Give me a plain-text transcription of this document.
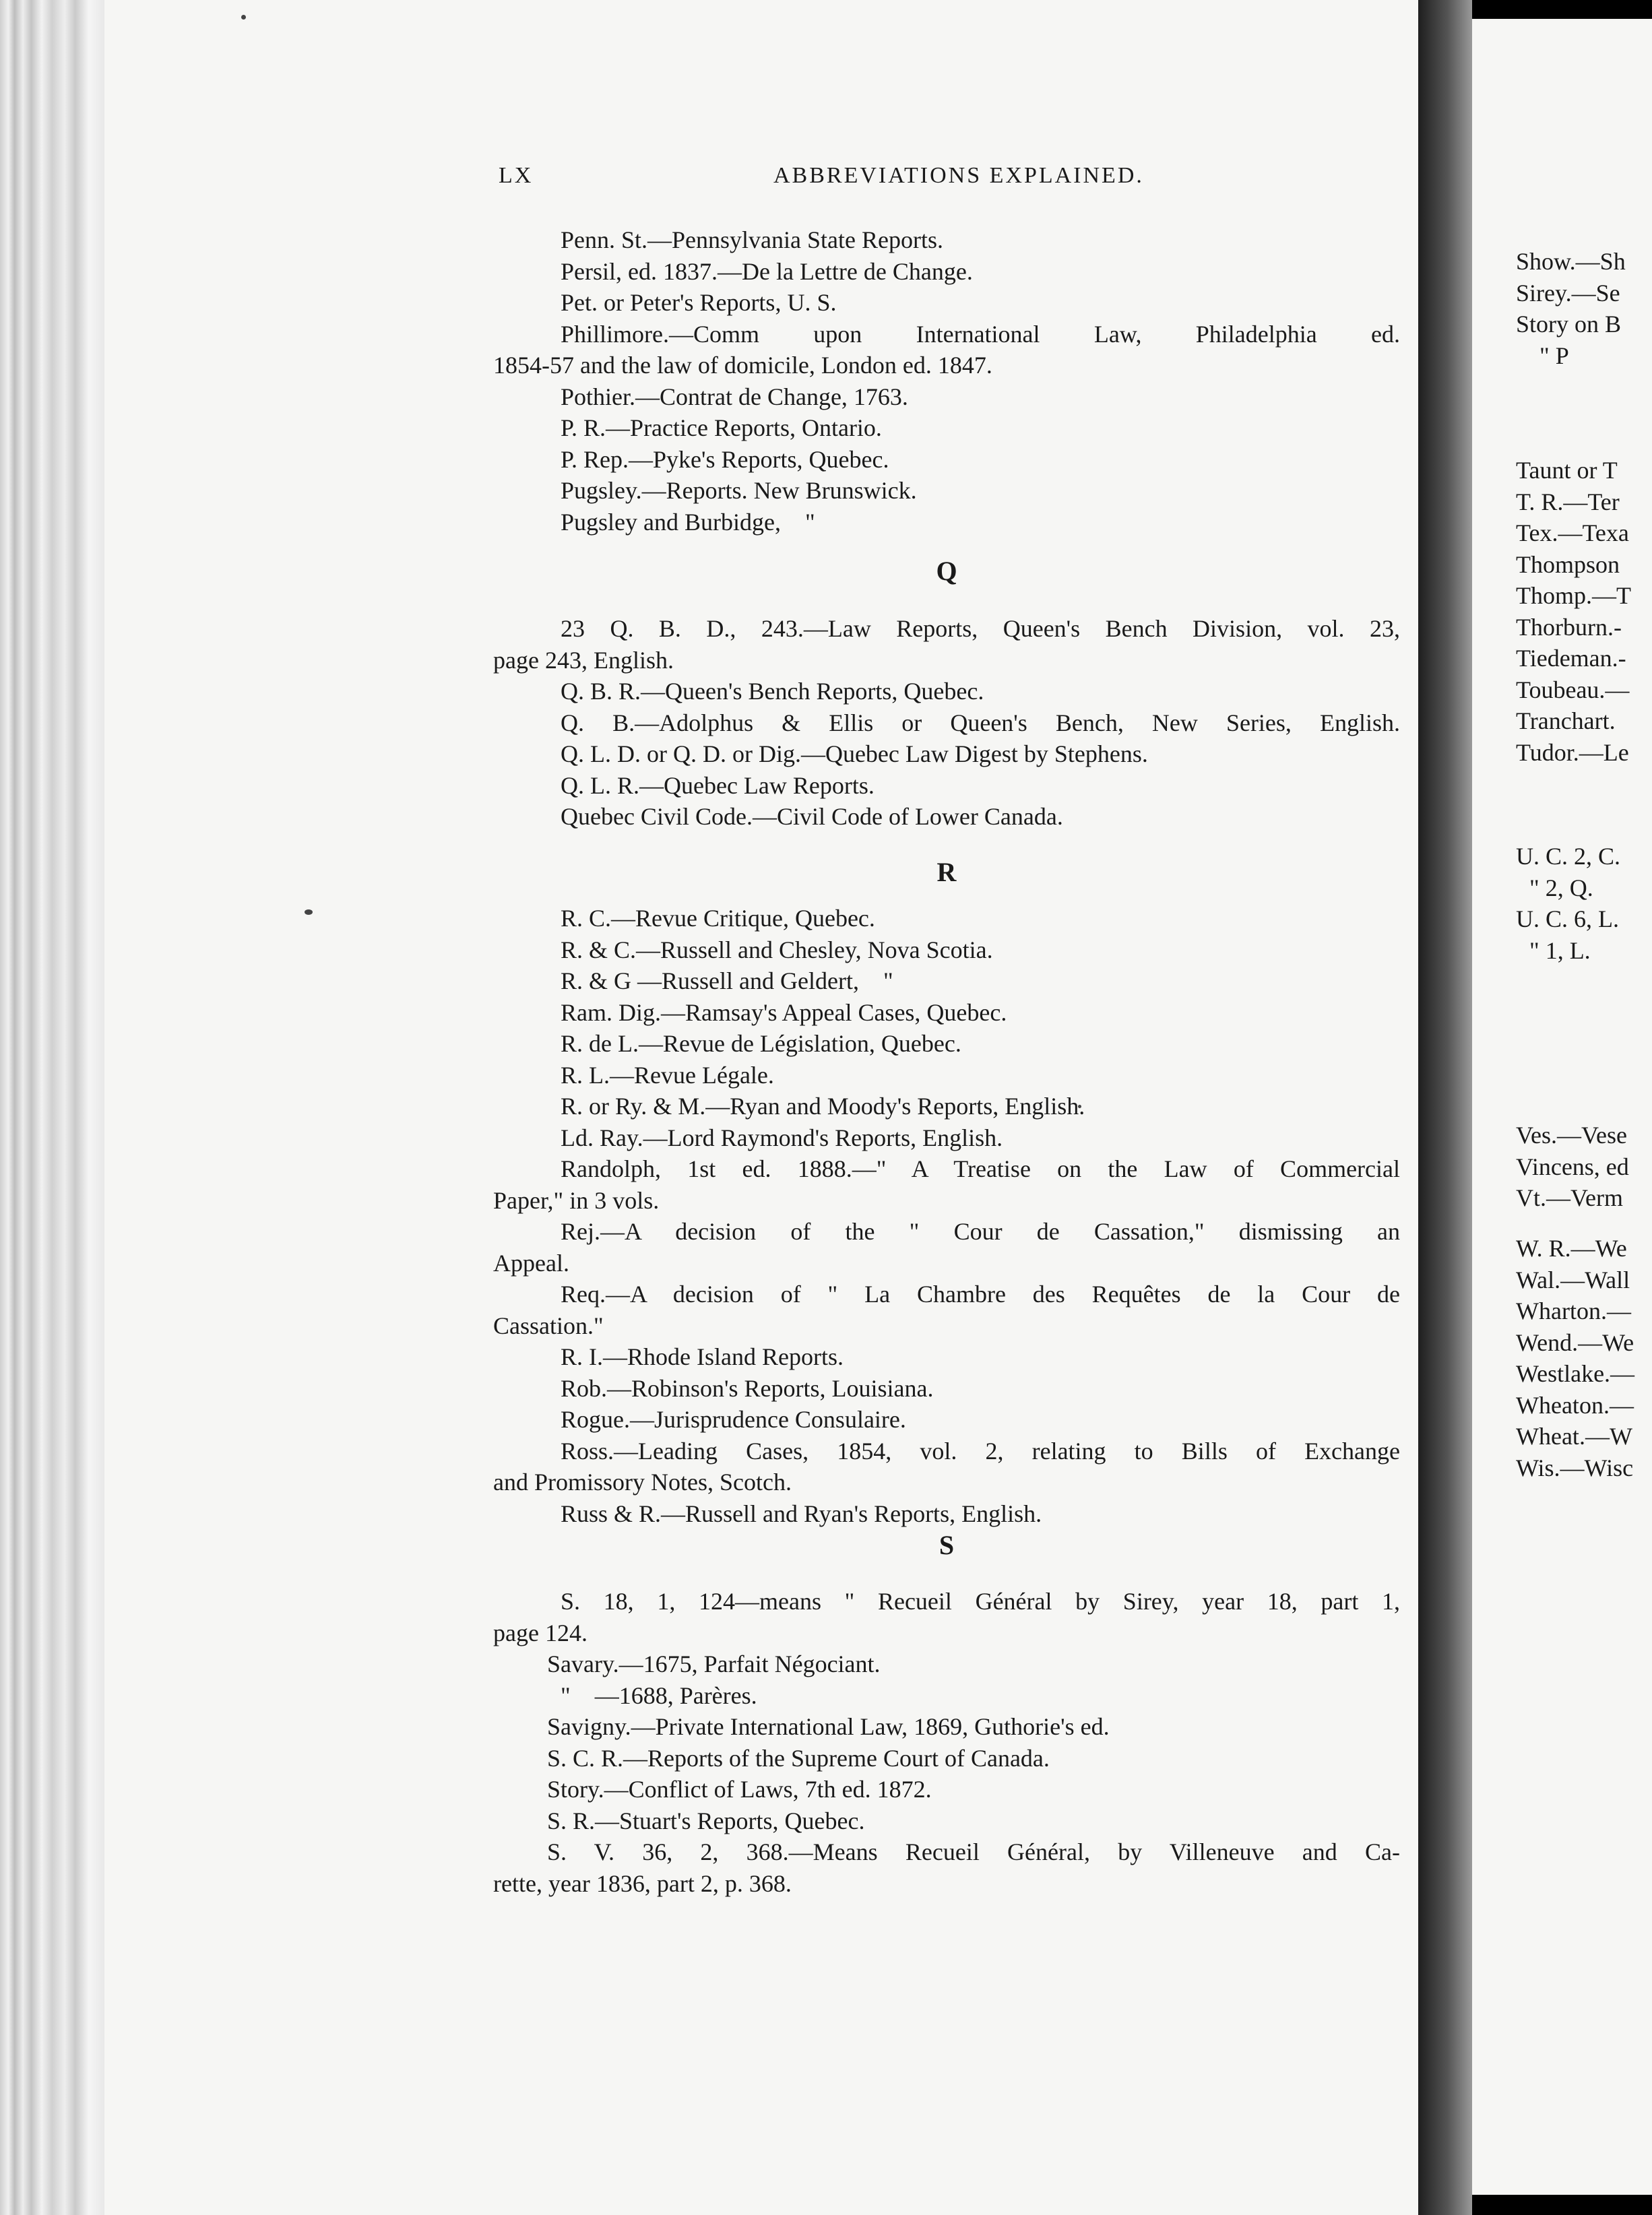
LX	ABBREVIATIONS EXPLAINED.
Penn. St.—Pennsylvania State Reports.
Persil, ed. 1837.—De la Lettre de Change.
Pet. or Peter's Reports, U. S.
Phillimore.—Comm upon International Law, Philadelphia ed.
1854-57 and the law of domicile, London ed. 1847.
Pothier.—Contrat de Change, 1763.
P. R.—Practice Reports, Ontario.
P. Rep.—Pyke's Reports, Quebec.
Pugsley.—Reports. New Brunswick.
Pugsley and Burbidge,    "
Q
23 Q. B. D., 243.—Law Reports, Queen's Bench Division, vol. 23,
page 243, English.
Q. B. R.—Queen's Bench Reports, Quebec.
Q. B.—Adolphus & Ellis or Queen's Bench, New Series, English.
Q. L. D. or Q. D. or Dig.—Quebec Law Digest by Stephens.
Q. L. R.—Quebec Law Reports.
Quebec Civil Code.—Civil Code of Lower Canada.
R
R. C.—Revue Critique, Quebec.
R. & C.—Russell and Chesley, Nova Scotia.
R. & G —Russell and Geldert,    "
Ram. Dig.—Ramsay's Appeal Cases, Quebec.
R. de L.—Revue de Législation, Quebec.
R. L.—Revue Légale.
R. or Ry. & M.—Ryan and Moody's Reports, English.
Ld. Ray.—Lord Raymond's Reports, English.
Randolph, 1st ed. 1888.—" A Treatise on the Law of Commercial
Paper," in 3 vols.
Rej.—A decision of the " Cour de Cassation," dismissing an
Appeal.
Req.—A decision of " La Chambre des Requêtes de la Cour de
Cassation."
R. I.—Rhode Island Reports.
Rob.—Robinson's Reports, Louisiana.
Rogue.—Jurisprudence Consulaire.
Ross.—Leading Cases, 1854, vol. 2, relating to Bills of Exchange
and Promissory Notes, Scotch.
Russ & R.—Russell and Ryan's Reports, English.
S
S. 18, 1, 124—means " Recueil Général by Sirey, year 18, part 1,
page 124.
Savary.—1675, Parfait Négociant.
"    —1688, Parères.
Savigny.—Private International Law, 1869, Guthorie's ed.
S. C. R.—Reports of the Supreme Court of Canada.
Story.—Conflict of Laws, 7th ed. 1872.
S. R.—Stuart's Reports, Quebec.
S. V. 36, 2, 368.—Means Recueil Général, by Villeneuve and Ca-
rette, year 1836, part 2, p. 368.
Show.—Sh
Sirey.—Se
Story on B
" P
Taunt or T
T. R.—Ter
Tex.—Texa
Thompson
Thomp.—T
Thorburn.-
Tiedeman.-
Toubeau.—
Tranchart.
Tudor.—Le
U. C. 2, C.
" 2, Q.
U. C. 6, L.
" 1, L.
Ves.—Vese
Vincens, ed
Vt.—Verm
W. R.—We
Wal.—Wall
Wharton.—
Wend.—We
Westlake.—
Wheaton.—
Wheat.—W
Wis.—Wisc
